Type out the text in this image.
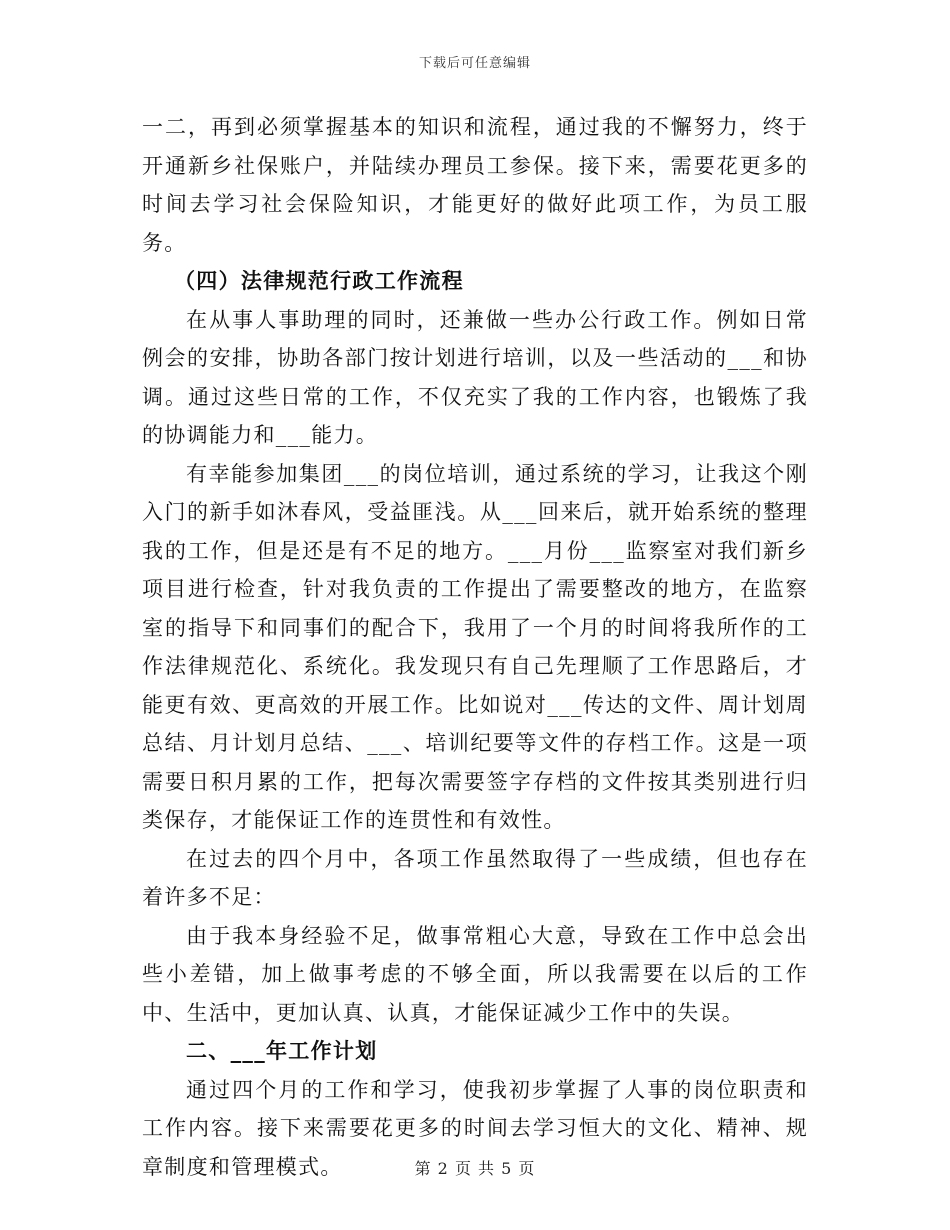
下载后可任意编辑

一二，再到必须掌握基本的知识和流程，通过我的不懈努力，终于开通新乡社保账户，并陆续办理员工参保。接下来，需要花更多的时间去学习社会保险知识，才能更好的做好此项工作，为员工服务。

（四）法律规范行政工作流程

在从事人事助理的同时，还兼做一些办公行政工作。例如日常例会的安排，协助各部门按计划进行培训，以及一些活动的___和协调。通过这些日常的工作，不仅充实了我的工作内容，也锻炼了我的协调能力和___能力。

有幸能参加集团___的岗位培训，通过系统的学习，让我这个刚入门的新手如沐春风，受益匪浅。从___回来后，就开始系统的整理我的工作，但是还是有不足的地方。___月份___监察室对我们新乡项目进行检查，针对我负责的工作提出了需要整改的地方，在监察室的指导下和同事们的配合下，我用了一个月的时间将我所作的工作法律规范化、系统化。我发现只有自己先理顺了工作思路后，才能更有效、更高效的开展工作。比如说对___传达的文件、周计划周总结、月计划月总结、___、培训纪要等文件的存档工作。这是一项需要日积月累的工作，把每次需要签字存档的文件按其类别进行归类保存，才能保证工作的连贯性和有效性。

在过去的四个月中，各项工作虽然取得了一些成绩，但也存在着许多不足：

由于我本身经验不足，做事常粗心大意，导致在工作中总会出些小差错，加上做事考虑的不够全面，所以我需要在以后的工作中、生活中，更加认真、认真，才能保证减少工作中的失误。

二、___年工作计划

通过四个月的工作和学习，使我初步掌握了人事的岗位职责和工作内容。接下来需要花更多的时间去学习恒大的文化、精神、规章制度和管理模式。	第 2 页 共 5 页
